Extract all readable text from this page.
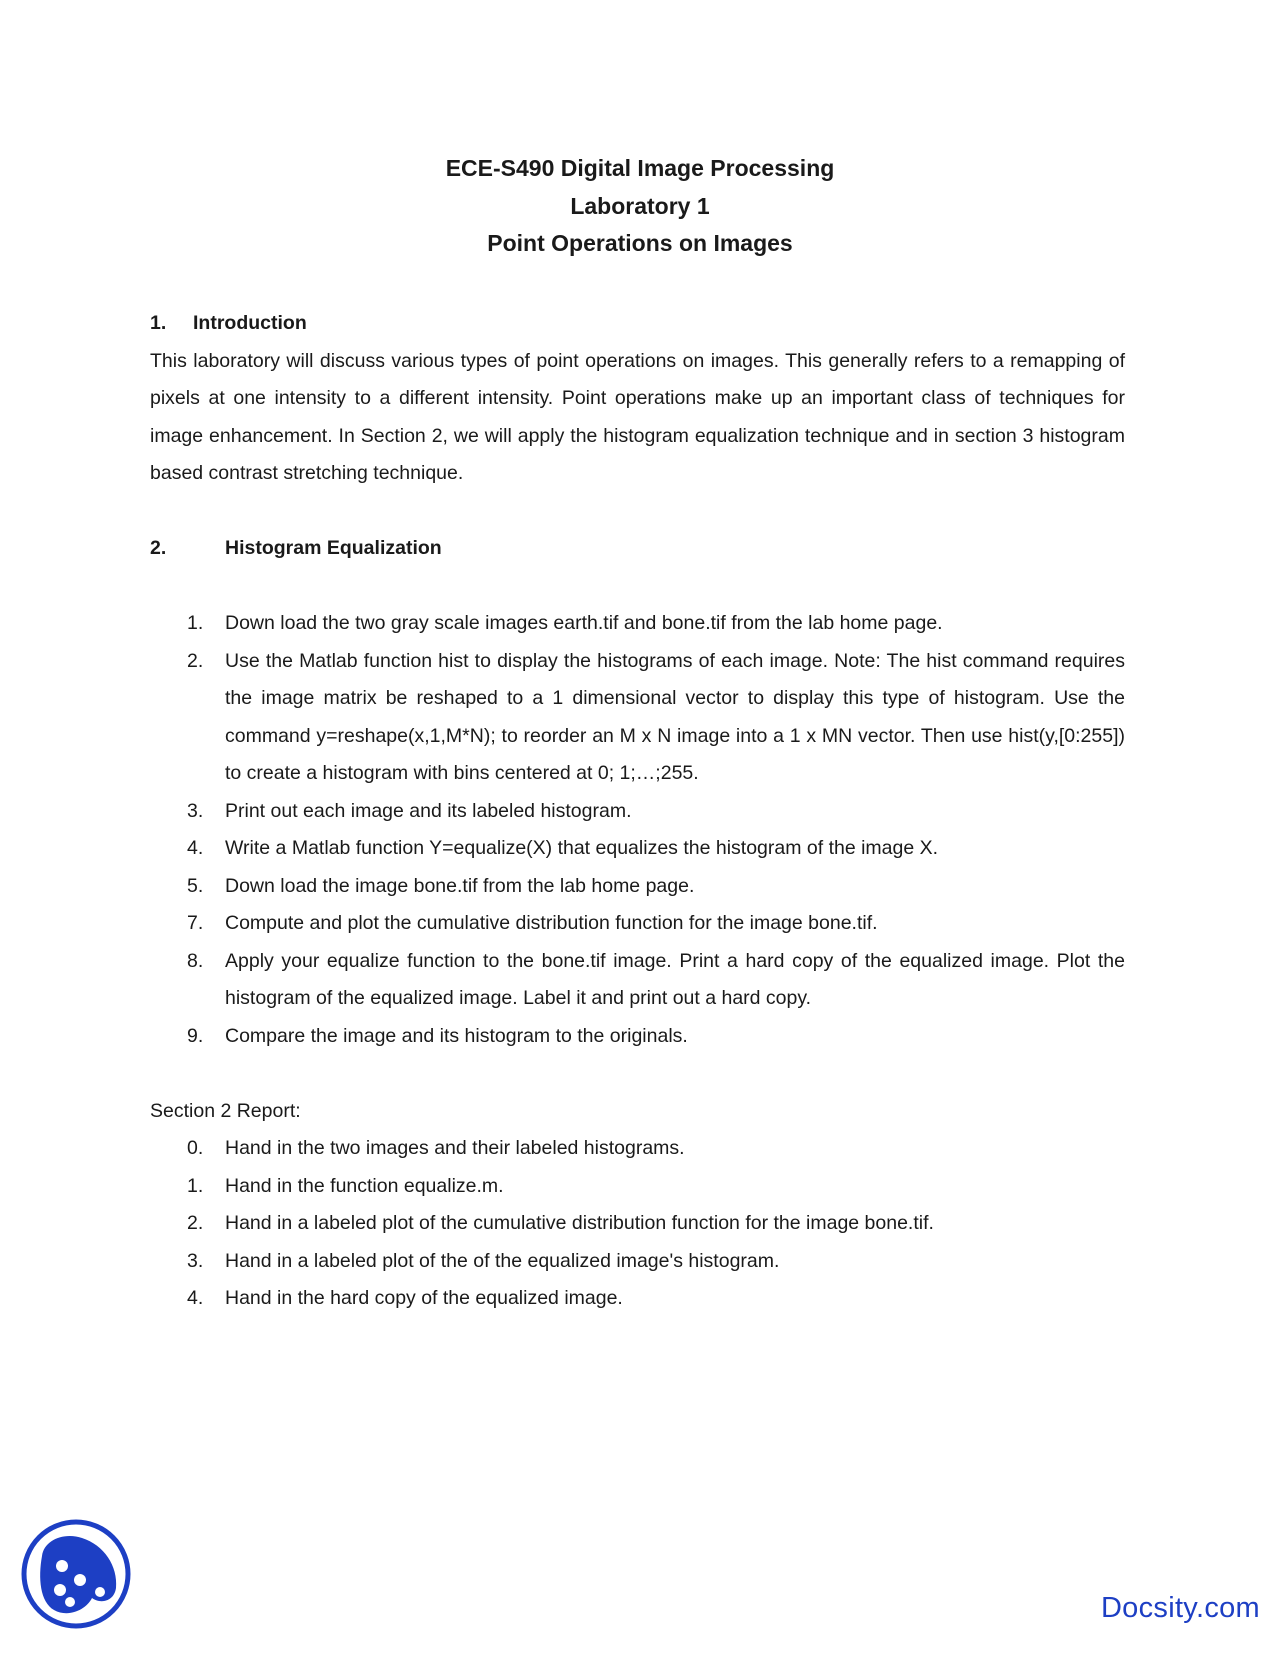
ECE-S490 Digital Image Processing

Laboratory 1

Point Operations on Images

1. Introduction

This laboratory will discuss various types of point operations on images. This generally refers to a remapping of pixels at one intensity to a different intensity. Point operations make up an important class of techniques for image enhancement. In Section 2, we will apply the histogram equalization technique and in section 3 histogram based contrast stretching technique.

2.	Histogram Equalization

1. Down load the two gray scale images earth.tif and bone.tif from the lab home page.
2. Use the Matlab function hist to display the histograms of each image. Note: The hist command requires the image matrix be reshaped to a 1 dimensional vector to display this type of histogram. Use the command y=reshape(x,1,M*N); to reorder an M x N image into a 1 x MN vector. Then use hist(y,[0:255]) to create a histogram with bins centered at 0; 1;…;255.
3. Print out each image and its labeled histogram.
4. Write a Matlab function Y=equalize(X) that equalizes the histogram of the image X.
5. Down load the image bone.tif from the lab home page.
7. Compute and plot the cumulative distribution function for the image bone.tif.
8. Apply your equalize function to the bone.tif image. Print a hard copy of the equalized image. Plot the histogram of the equalized image. Label it and print out a hard copy.
9. Compare the image and its histogram to the originals.

Section 2 Report:

0. Hand in the two images and their labeled histograms.
1. Hand in the function equalize.m.
2. Hand in a labeled plot of the cumulative distribution function for the image bone.tif.
3. Hand in a labeled plot of the of the equalized image's histogram.
4. Hand in the hard copy of the equalized image.
Docsity.com
